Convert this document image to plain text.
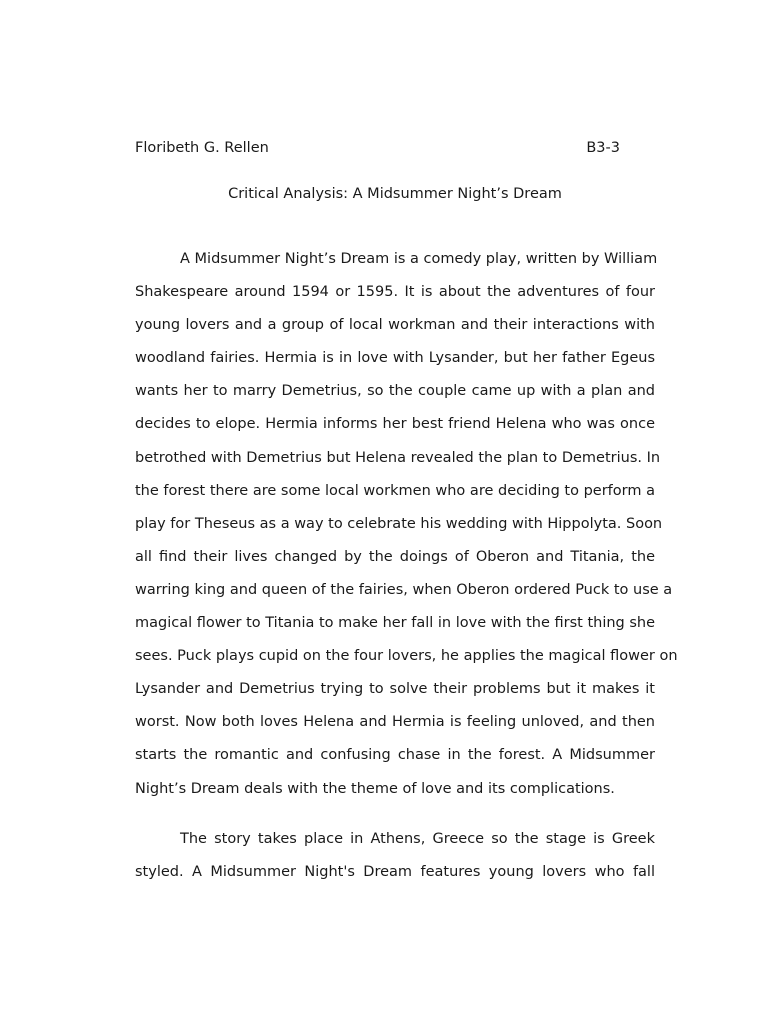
Floribeth G. Rellen	B3-3
Critical Analysis: A Midsummer Night’s Dream

A Midsummer Night’s Dream is a comedy play, written by William
Shakespeare around 1594 or 1595. It is about the adventures of four
young lovers and a group of local workman and their interactions with
woodland fairies. Hermia is in love with Lysander, but her father Egeus
wants her to marry Demetrius, so the couple came up with a plan and
decides to elope. Hermia informs her best friend Helena who was once
betrothed with Demetrius but Helena revealed the plan to Demetrius. In
the forest there are some local workmen who are deciding to perform a
play for Theseus as a way to celebrate his wedding with Hippolyta. Soon
all find their lives changed by the doings of Oberon and Titania, the
warring king and queen of the fairies, when Oberon ordered Puck to use a
magical flower to Titania to make her fall in love with the first thing she
sees. Puck plays cupid on the four lovers, he applies the magical flower on
Lysander and Demetrius trying to solve their problems but it makes it
worst. Now both loves Helena and Hermia is feeling unloved, and then
starts the romantic and confusing chase in the forest. A Midsummer
Night’s Dream deals with the theme of love and its complications.

The story takes place in Athens, Greece so the stage is Greek
styled. A Midsummer Night's Dream features young lovers who fall
